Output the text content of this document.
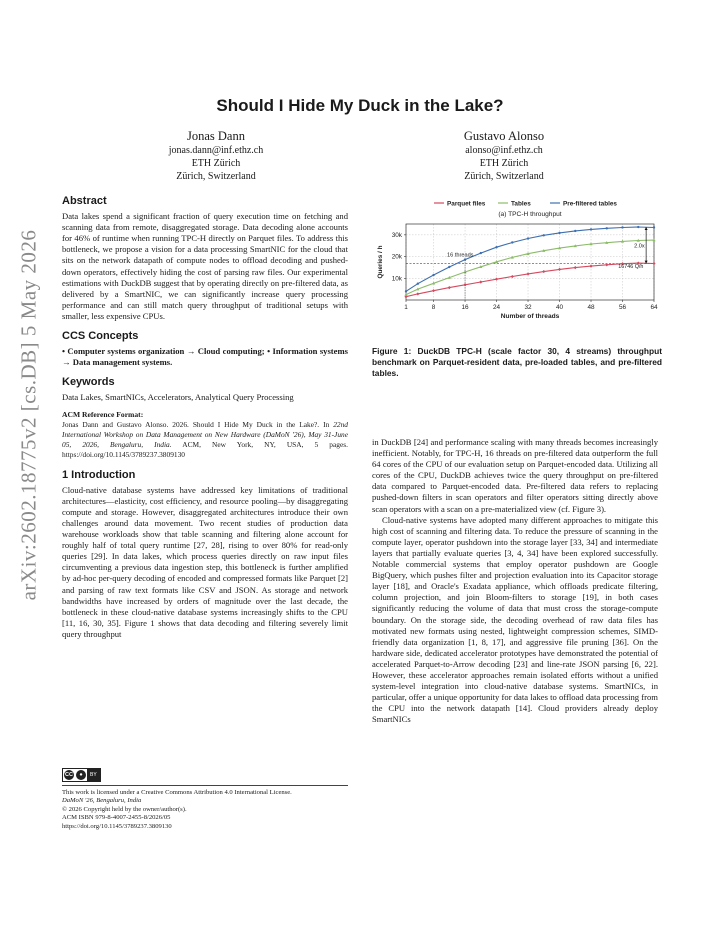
arXiv:2602.18775v2 [cs.DB] 5 May 2026
Should I Hide My Duck in the Lake?
Jonas Dann
jonas.dann@inf.ethz.ch
ETH Zürich
Zürich, Switzerland
Gustavo Alonso
alonso@inf.ethz.ch
ETH Zürich
Zürich, Switzerland
Abstract

Data lakes spend a significant fraction of query execution time on fetching and scanning data from remote, disaggregated storage. Data decoding alone accounts for 46% of runtime when running TPC-H directly on Parquet files. To address this bottleneck, we propose a vision for a data processing SmartNIC for the cloud that sits on the network datapath of compute nodes to offload decoding and pushed-down operators, effectively hiding the cost of parsing raw files. Our experimental estimations with DuckDB suggest that by operating directly on pre-filtered data, as delivered by a SmartNIC, we can significantly increase query processing performance and can still match query throughput of traditional setups with smaller, less expensive CPUs.

CCS Concepts

• Computer systems organization → Cloud computing; • Information systems → Data management systems.

Keywords

Data Lakes, SmartNICs, Accelerators, Analytical Query Processing

ACM Reference Format:
Jonas Dann and Gustavo Alonso. 2026. Should I Hide My Duck in the Lake?. In 22nd International Workshop on Data Management on New Hardware (DaMoN '26), May 31-June 05, 2026, Bengaluru, India. ACM, New York, NY, USA, 5 pages. https://doi.org/10.1145/3789237.3809130
1 Introduction

Cloud-native database systems have addressed key limitations of traditional architectures—elasticity, cost efficiency, and resource pooling—by disaggregating compute and storage. However, disaggregated architectures introduce their own challenges around data movement. Two recent studies of production data warehouse workloads show that table scanning and filtering alone account for roughly half of total query runtime [27, 28], rising to over 80% for read-only queries [29]. In data lakes, which process queries directly on raw input files circumventing a previous data ingestion step, this bottleneck is further amplified by ad-hoc per-query decoding of encoded and compressed formats like Parquet [2] and parsing of raw text formats like CSV and JSON. As storage and network bandwidths have increased by orders of magnitude over the last decade, the bottleneck in these cloud-native database systems increasingly shifts to the CPU [11, 16, 30, 35]. Figure 1 shows that data decoding and filtering severely limit query throughput

CC	●	BY
This work is licensed under a Creative Commons Attribution 4.0 International License.
DaMoN '26, Bengaluru, India
© 2026 Copyright held by the owner/author(s).
ACM ISBN 979-8-4007-2455-8/2026/05
https://doi.org/10.1145/3789237.3809130
Parquet files	Tables	Pre-filtered tables
(a) TPC-H throughput
1	8	16	24	32	40	48	56	64
10k
20k
30k
Number of threads
Queries / h	16 threads
2.0x
16746 Q/h
Figure 1: DuckDB TPC-H (scale factor 30, 4 streams) throughput benchmark on Parquet-resident data, pre-loaded tables, and pre-filtered tables.

in DuckDB [24] and performance scaling with many threads becomes increasingly inefficient. Notably, for TPC-H, 16 threads on pre-filtered data outperform the full 64 cores of the CPU of our evaluation setup on Parquet-encoded data. Utilizing all cores of the CPU, DuckDB achieves twice the query throughput on pre-filtered data compared to Parquet-encoded data. Pre-filtered data refers to replacing pushed-down filters in scan operators and filter operators sitting directly above scan operators with a scan on a pre-materialized view (cf. Figure 3).

Cloud-native systems have adopted many different approaches to mitigate this high cost of scanning and filtering data. To reduce the pressure of scanning in the compute layer, operator pushdown into the storage layer [33, 34] and intermediate layers that partially evaluate queries [3, 4, 34] have been explored successfully. Notable commercial systems that employ operator pushdown are Google BigQuery, which pushes filter and projection evaluation into its Capacitor storage layer [18], and Oracle's Exadata appliance, which offloads predicate filtering, column projection, and join Bloom-filters to storage [19], in both cases significantly reducing the volume of data that must cross the storage-compute boundary. On the storage side, the decoding overhead of raw data files has motivated new formats using nested, lightweight compression schemes, SIMD-friendly data organization [1, 8, 17], and aggressive file pruning [36]. On the hardware side, dedicated accelerator prototypes have demonstrated the potential of accelerated Parquet-to-Arrow decoding [23] and line-rate JSON parsing [6, 22]. However, these accelerator approaches remain isolated efforts without a unified system-level integration into cloud-native database systems. SmartNICs, in particular, offer a unique opportunity for data lakes to offload data processing from the CPU into the network datapath [14]. Cloud providers already deploy SmartNICs
